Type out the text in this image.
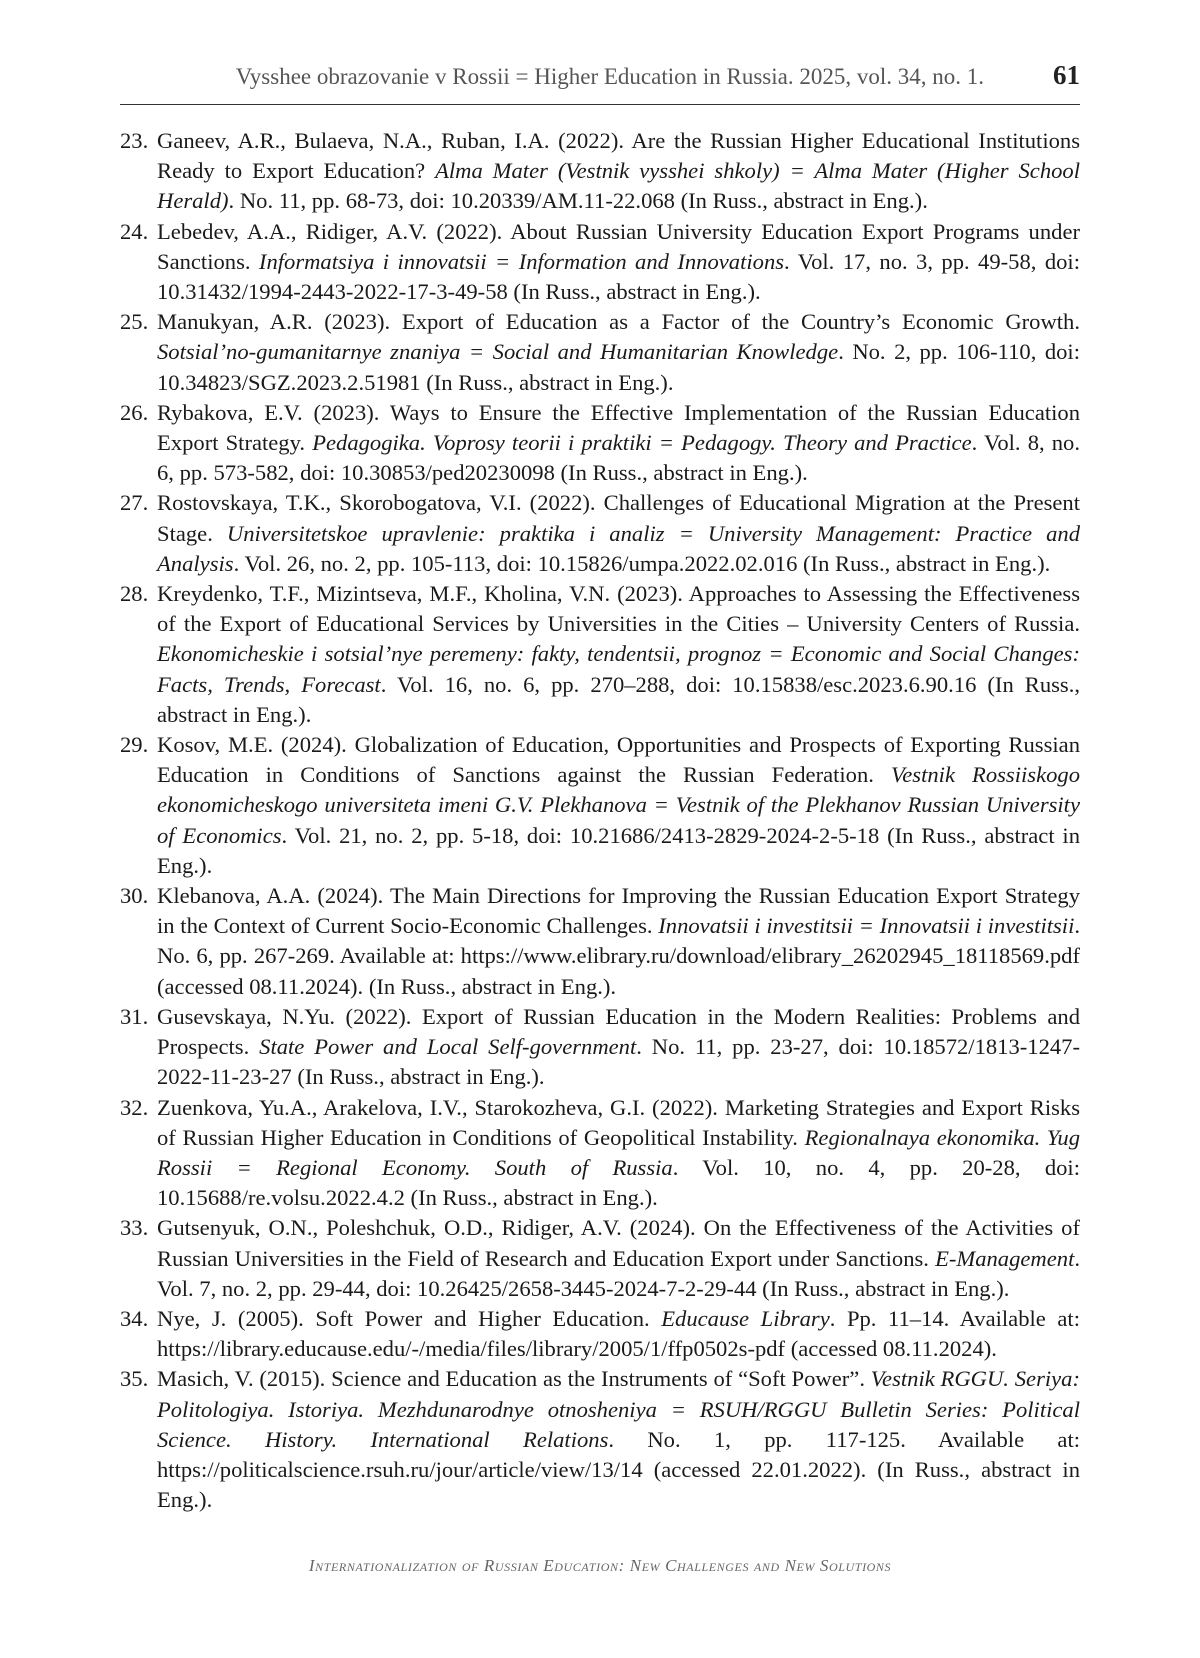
Vysshee obrazovanie v Rossii = Higher Education in Russia. 2025, vol. 34, no. 1.	61
23. Ganeev, A.R., Bulaeva, N.A., Ruban, I.A. (2022). Are the Russian Higher Educational Institutions Ready to Export Education? Alma Mater (Vestnik vysshei shkoly) = Alma Mater (Higher School Herald). No. 11, pp. 68-73, doi: 10.20339/AM.11-22.068 (In Russ., abstract in Eng.).
24. Lebedev, A.A., Ridiger, A.V. (2022). About Russian University Education Export Programs under Sanctions. Informatsiya i innovatsii = Information and Innovations. Vol. 17, no. 3, pp. 49-58, doi: 10.31432/1994-2443-2022-17-3-49-58 (In Russ., abstract in Eng.).
25. Manukyan, A.R. (2023). Export of Education as a Factor of the Country’s Economic Growth. Sotsial’no-gumanitarnye znaniya = Social and Humanitarian Knowledge. No. 2, pp. 106-110, doi: 10.34823/SGZ.2023.2.51981 (In Russ., abstract in Eng.).
26. Rybakova, E.V. (2023). Ways to Ensure the Effective Implementation of the Russian Education Export Strategy. Pedagogika. Voprosy teorii i praktiki = Pedagogy. Theory and Practice. Vol. 8, no. 6, pp. 573-582, doi: 10.30853/ped20230098 (In Russ., abstract in Eng.).
27. Rostovskaya, T.K., Skorobogatova, V.I. (2022). Challenges of Educational Migration at the Present Stage. Universitetskoe upravlenie: praktika i analiz = University Management: Practice and Analysis. Vol. 26, no. 2, pp. 105-113, doi: 10.15826/umpa.2022.02.016 (In Russ., abstract in Eng.).
28. Kreydenko, T.F., Mizintseva, M.F., Kholina, V.N. (2023). Approaches to Assessing the Effectiveness of the Export of Educational Services by Universities in the Cities – University Centers of Russia. Ekonomicheskie i sotsial’nye peremeny: fakty, tendentsii, prognoz = Economic and Social Changes: Facts, Trends, Forecast. Vol. 16, no. 6, pp. 270–288, doi: 10.15838/esc.2023.6.90.16 (In Russ., abstract in Eng.).
29. Kosov, M.E. (2024). Globalization of Education, Opportunities and Prospects of Exporting Russian Education in Conditions of Sanctions against the Russian Federation. Vestnik Rossiiskogo ekonomicheskogo universiteta imeni G.V. Plekhanova = Vestnik of the Plekhanov Russian University of Economics. Vol. 21, no. 2, pp. 5-18, doi: 10.21686/2413-2829-2024-2-5-18 (In Russ., abstract in Eng.).
30. Klebanova, A.A. (2024). The Main Directions for Improving the Russian Education Export Strategy in the Context of Current Socio-Economic Challenges. Innovatsii i investitsii = Innovatsii i investitsii. No. 6, pp. 267-269. Available at: https://www.elibrary.ru/download/elibrary_26202945_18118569.pdf (accessed 08.11.2024). (In Russ., abstract in Eng.).
31. Gusevskaya, N.Yu. (2022). Export of Russian Education in the Modern Realities: Problems and Prospects. State Power and Local Self-government. No. 11, pp. 23-27, doi: 10.18572/1813-1247-2022-11-23-27 (In Russ., abstract in Eng.).
32. Zuenkova, Yu.A., Arakelova, I.V., Starokozheva, G.I. (2022). Marketing Strategies and Export Risks of Russian Higher Education in Conditions of Geopolitical Instability. Regionalnaya ekonomika. Yug Rossii = Regional Economy. South of Russia. Vol. 10, no. 4, pp. 20-28, doi: 10.15688/re.volsu.2022.4.2 (In Russ., abstract in Eng.).
33. Gutsenyuk, O.N., Poleshchuk, O.D., Ridiger, A.V. (2024). On the Effectiveness of the Activities of Russian Universities in the Field of Research and Education Export under Sanctions. E-Management. Vol. 7, no. 2, pp. 29-44, doi: 10.26425/2658-3445-2024-7-2-29-44 (In Russ., abstract in Eng.).
34. Nye, J. (2005). Soft Power and Higher Education. Educause Library. Pp. 11–14. Available at: https://library.educause.edu/-/media/files/library/2005/1/ffp0502s-pdf (accessed 08.11.2024).
35. Masich, V. (2015). Science and Education as the Instruments of “Soft Power”. Vestnik RGGU. Seriya: Politologiya. Istoriya. Mezhdunarodnye otnosheniya = RSUH/RGGU Bulletin Series: Political Science. History. International Relations. No. 1, pp. 117-125. Available at: https://politicalscience.rsuh.ru/jour/article/view/13/14 (accessed 22.01.2022). (In Russ., abstract in Eng.).
Internationalization of Russian Education: New Challenges and New Solutions
